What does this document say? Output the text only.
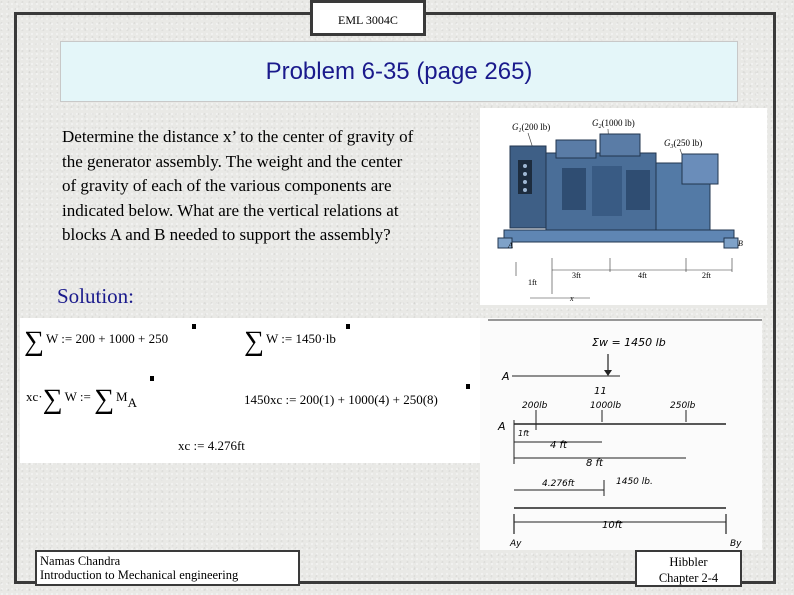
EML 3004C
Problem 6-35 (page 265)
Determine the distance x’ to the center of gravity of
the generator assembly. The weight and the center
of gravity of each of the various components are
indicated below. What are the vertical relations at
blocks A and B needed to support the assembly?
$G_1(200$ lb)	$G_2(1000$ lb)
$G_3(250$ lb)
A	B
1ft
3ft	4ft	2ft
x
Solution:
∑ W := 200 + 1000 + 250	∑ W := 1450·lb
xc·∑ W := ∑ MA	1450xc := 200(1) + 1000(4) + 250(8)
xc := 4.276ft
Σw = 1450 lb
A
11
200lb	1000lb	250lb
A
1ft
4 ft
8 ft
4.276ft	1450 lb.
10ft
Ay	By
Namas Chandra
Introduction to Mechanical engineering
Hibbler
Chapter 2-4
